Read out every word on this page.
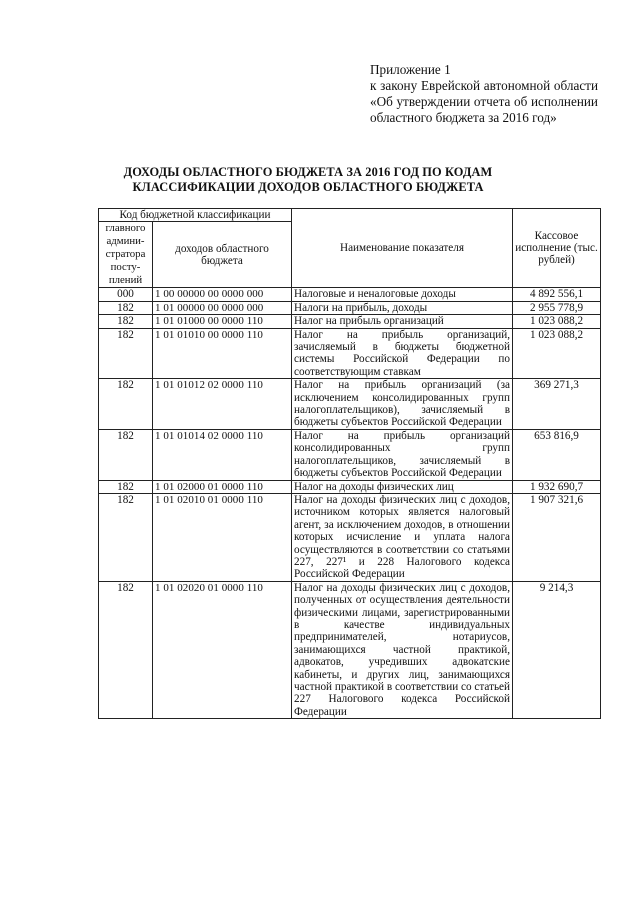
Приложение 1
к закону Еврейской автономной области «Об утверждении отчета об исполнении областного бюджета за 2016 год»
ДОХОДЫ ОБЛАСТНОГО БЮДЖЕТА ЗА 2016 ГОД ПО КОДАМ
КЛАССИФИКАЦИИ ДОХОДОВ ОБЛАСТНОГО БЮДЖЕТА
Код бюджетной классификации		Наименование показателя	Кассовое исполнение (тыс. рублей)
главного админи-стратора посту-плений	доходов областного бюджета		
000	1 00 00000 00 0000 000	Налоговые и неналоговые доходы	4 892 556,1
182	1 01 00000 00 0000 000	Налоги на прибыль, доходы	2 955 778,9
182	1 01 01000 00 0000 110	Налог на прибыль организаций	1 023 088,2
182	1 01 01010 00 0000 110	Налог на прибыль организаций, зачисляемый в бюджеты бюджетной системы Российской Федерации по соответствующим ставкам	1 023 088,2
182	1 01 01012 02 0000 110	Налог на прибыль организаций (за исключением консолидированных групп налогоплательщиков), зачисляемый в бюджеты субъектов Российской Федерации	369 271,3
182	1 01 01014 02 0000 110	Налог на прибыль организаций консолидированных групп налогоплательщиков, зачисляемый в бюджеты субъектов Российской Федерации	653 816,9
182	1 01 02000 01 0000 110	Налог на доходы физических лиц	1 932 690,7
182	1 01 02010 01 0000 110	Налог на доходы физических лиц с доходов, источником которых является налоговый агент, за исключением доходов, в отношении которых исчисление и уплата налога осуществляются в соответствии со статьями 227, 227¹ и 228 Налогового кодекса Российской Федерации	1 907 321,6
182	1 01 02020 01 0000 110	Налог на доходы физических лиц с доходов, полученных от осуществления деятельности физическими лицами, зарегистрированными в качестве индивидуальных предпринимателей, нотариусов, занимающихся частной практикой, адвокатов, учредивших адвокатские кабинеты, и других лиц, занимающихся частной практикой в соответствии со статьей 227 Налогового кодекса Российской Федерации	9 214,3
